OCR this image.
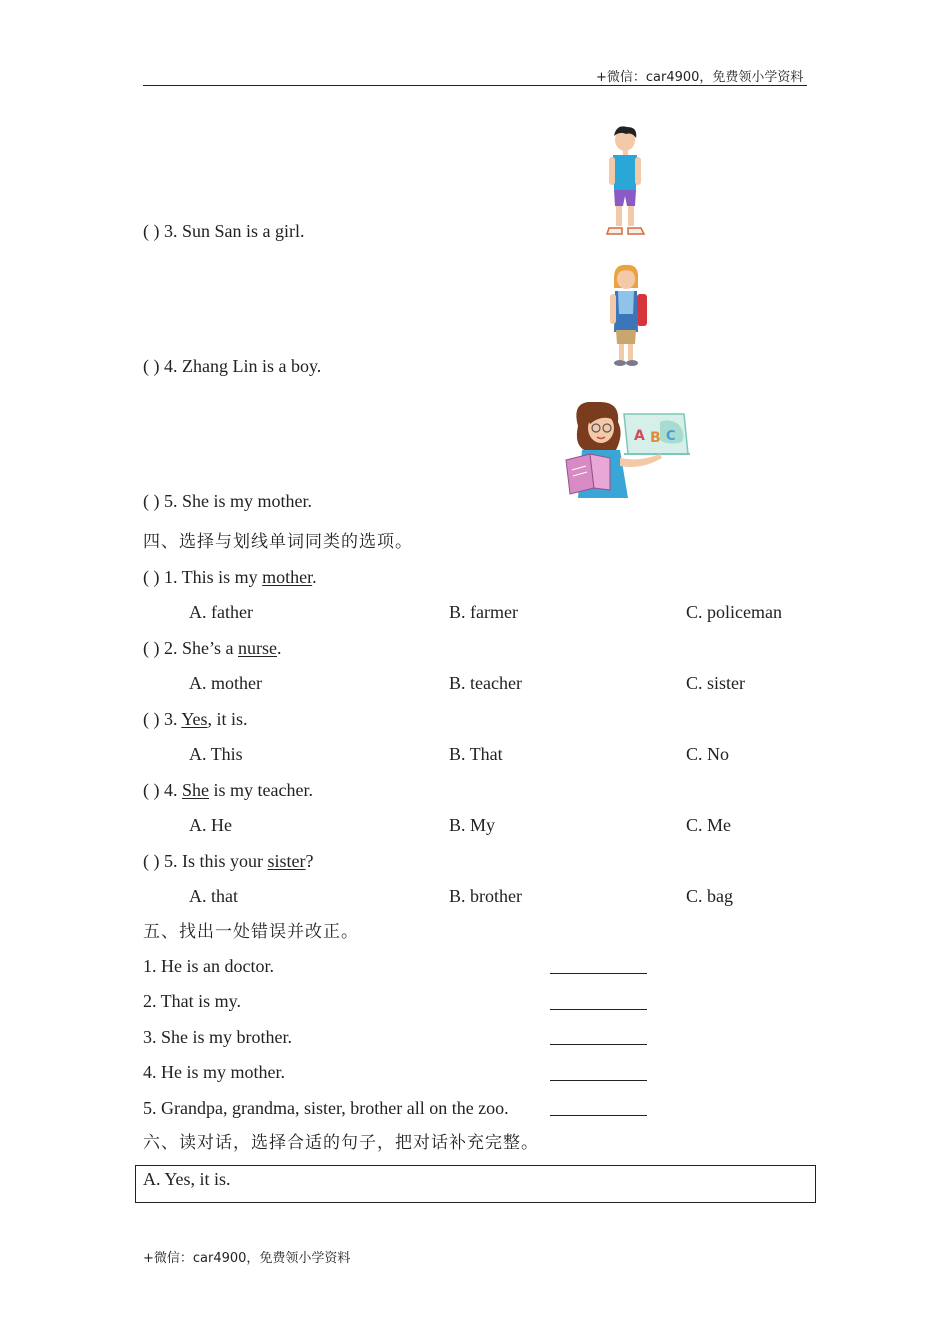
+微信：car4900，免费领小学资料
( ) 3. Sun San is a girl.
( ) 4. Zhang Lin is a boy.
( ) 5. She is my mother.
A B C
四、选择与划线单词同类的选项。
( ) 1. This is my mother.
A. father	B. farmer	C. policeman
( ) 2. She’s a nurse.
A. mother	B. teacher	C. sister
( ) 3. Yes, it is.
A. This	B. That	C. No
( ) 4. She is my teacher.
A. He	B. My	C. Me
( ) 5. Is this your sister?
A. that	B. brother	C. bag
五、找出一处错误并改正。
1. He is an doctor.
2. That is my.
3. She is my brother.
4. He is my mother.
5. Grandpa, grandma, sister, brother all on the zoo.
六、读对话，选择合适的句子，把对话补充完整。
A. Yes, it is.
+微信：car4900，免费领小学资料
